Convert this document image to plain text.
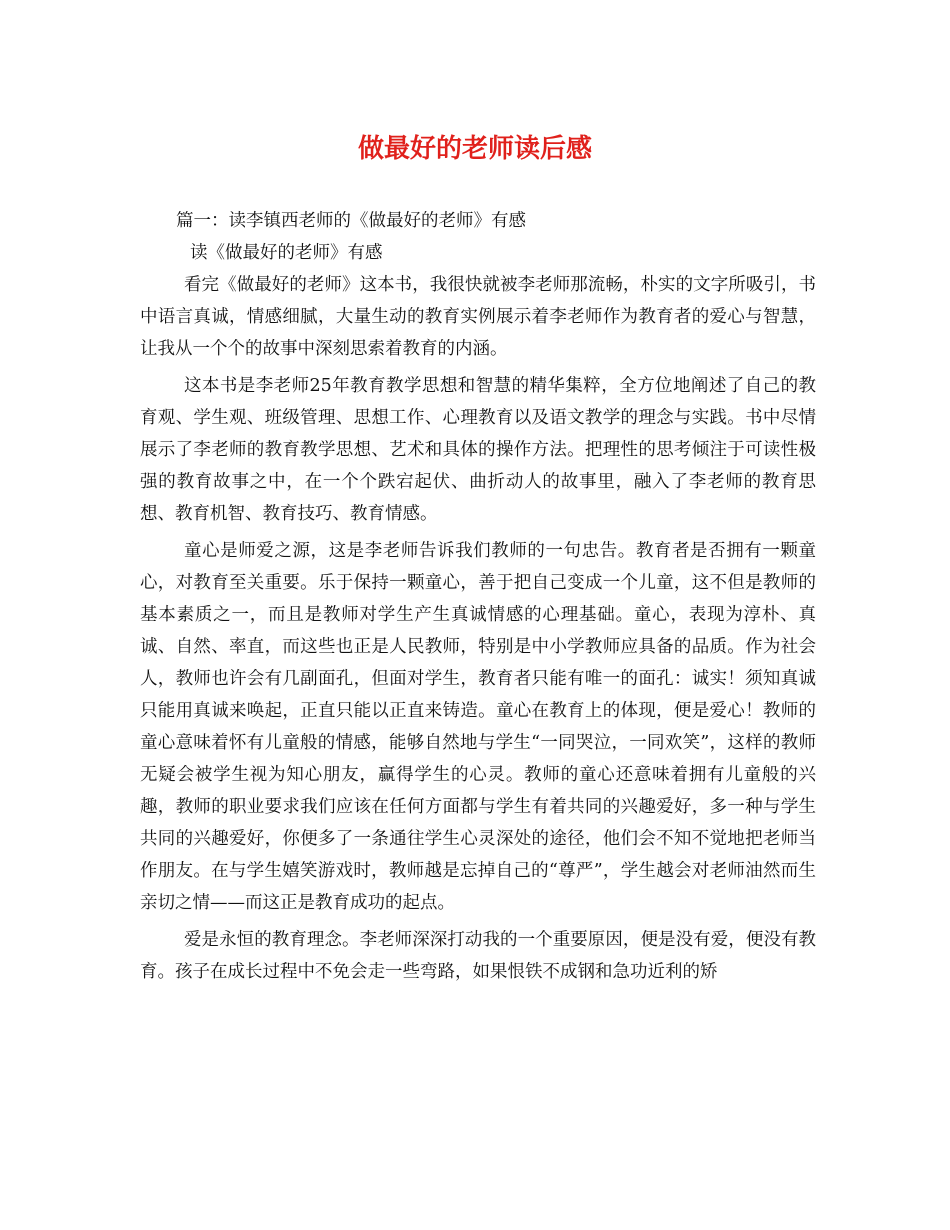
做最好的老师读后感

篇一：读李镇西老师的《做最好的老师》有感

读《做最好的老师》有感

看完《做最好的老师》这本书，我很快就被李老师那流畅，朴实的文字所吸引，书中语言真诚，情感细腻，大量生动的教育实例展示着李老师作为教育者的爱心与智慧，让我从一个个的故事中深刻思索着教育的内涵。

这本书是李老师25年教育教学思想和智慧的精华集粹，全方位地阐述了自己的教育观、学生观、班级管理、思想工作、心理教育以及语文教学的理念与实践。书中尽情展示了李老师的教育教学思想、艺术和具体的操作方法。把理性的思考倾注于可读性极强的教育故事之中，在一个个跌宕起伏、曲折动人的故事里，融入了李老师的教育思想、教育机智、教育技巧、教育情感。

童心是师爱之源，这是李老师告诉我们教师的一句忠告。教育者是否拥有一颗童心，对教育至关重要。乐于保持一颗童心，善于把自己变成一个儿童，这不但是教师的基本素质之一，而且是教师对学生产生真诚情感的心理基础。童心，表现为淳朴、真诚、自然、率直，而这些也正是人民教师，特别是中小学教师应具备的品质。作为社会人，教师也许会有几副面孔，但面对学生，教育者只能有唯一的面孔：诚实！须知真诚只能用真诚来唤起，正直只能以正直来铸造。童心在教育上的体现，便是爱心！教师的童心意味着怀有儿童般的情感，能够自然地与学生“一同哭泣，一同欢笑”，这样的教师无疑会被学生视为知心朋友，赢得学生的心灵。教师的童心还意味着拥有儿童般的兴趣，教师的职业要求我们应该在任何方面都与学生有着共同的兴趣爱好，多一种与学生共同的兴趣爱好，你便多了一条通往学生心灵深处的途径，他们会不知不觉地把老师当作朋友。在与学生嬉笑游戏时，教师越是忘掉自己的“尊严”，学生越会对老师油然而生亲切之情——而这正是教育成功的起点。

爱是永恒的教育理念。李老师深深打动我的一个重要原因，便是没有爱，便没有教育。孩子在成长过程中不免会走一些弯路，如果恨铁不成钢和急功近利的矫
